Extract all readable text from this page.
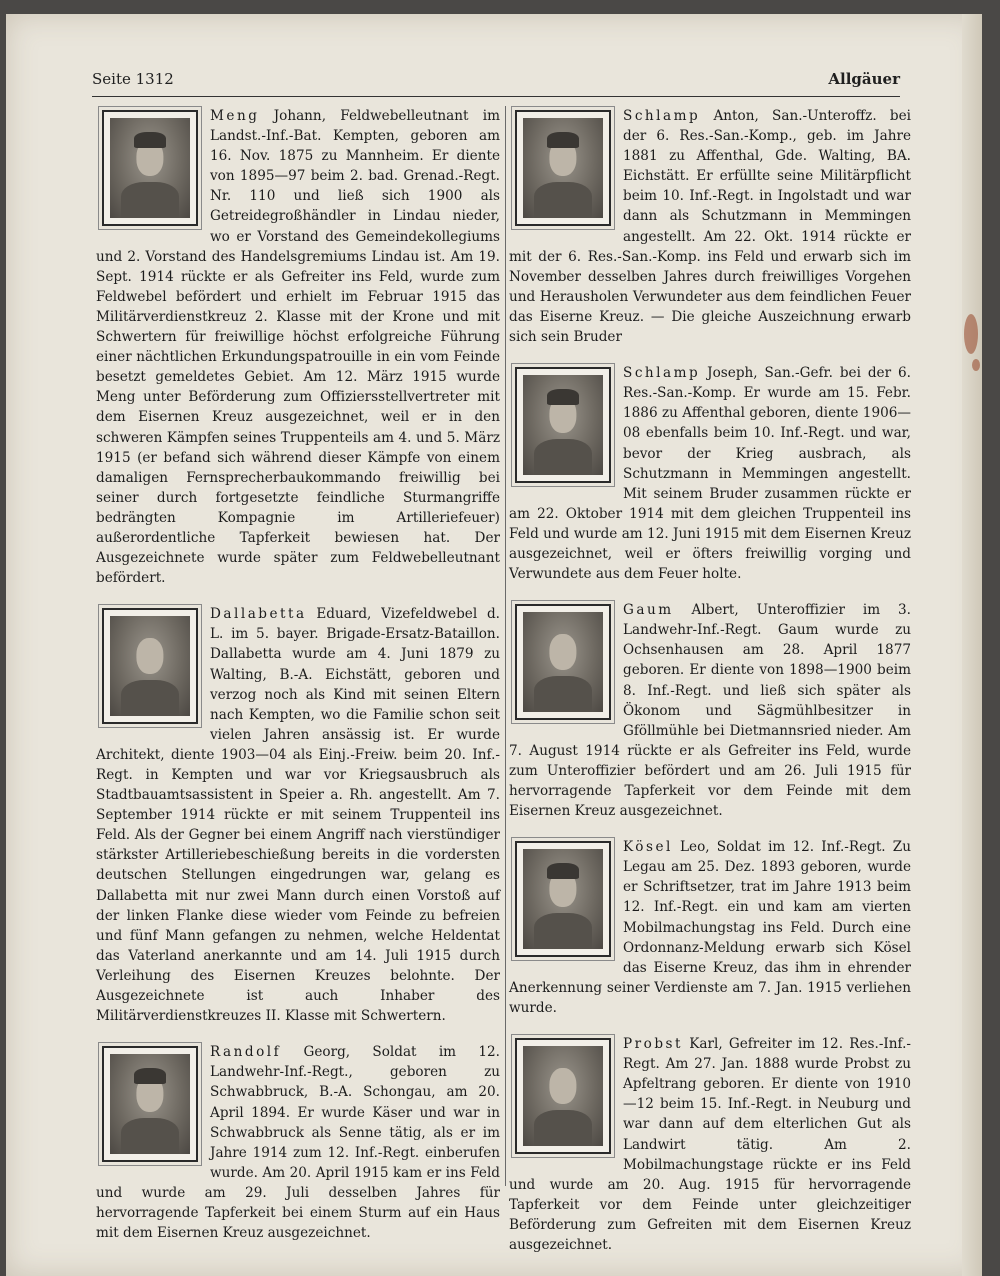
Seite 1312	Allgäuer

Meng Johann, Feldwebelleutnant im Landst.-Inf.-Bat. Kempten, geboren am 16. Nov. 1875 zu Mannheim. Er diente von 1895—97 beim 2. bad. Grenad.-Regt. Nr. 110 und ließ sich 1900 als Getreidegroßhändler in Lindau nieder, wo er Vorstand des Gemeindekollegiums und 2. Vorstand des Handelsgremiums Lindau ist. Am 19. Sept. 1914 rückte er als Gefreiter ins Feld, wurde zum Feldwebel befördert und erhielt im Februar 1915 das Militärverdienstkreuz 2. Klasse mit der Krone und mit Schwertern für freiwillige höchst erfolgreiche Führung einer nächtlichen Erkundungspatrouille in ein vom Feinde besetzt gemeldetes Gebiet. Am 12. März 1915 wurde Meng unter Beförderung zum Offiziersstellvertreter mit dem Eisernen Kreuz ausgezeichnet, weil er in den schweren Kämpfen seines Truppenteils am 4. und 5. März 1915 (er befand sich während dieser Kämpfe von einem damaligen Fernsprecherbaukommando freiwillig bei seiner durch fortgesetzte feindliche Sturmangriffe bedrängten Kompagnie im Artilleriefeuer) außerordentliche Tapferkeit bewiesen hat. Der Ausgezeichnete wurde später zum Feldwebelleutnant befördert.

Dallabetta Eduard, Vizefeldwebel d. L. im 5. bayer. Brigade-Ersatz-Bataillon. Dallabetta wurde am 4. Juni 1879 zu Walting, B.-A. Eichstätt, geboren und verzog noch als Kind mit seinen Eltern nach Kempten, wo die Familie schon seit vielen Jahren ansässig ist. Er wurde Architekt, diente 1903—04 als Einj.-Freiw. beim 20. Inf.-Regt. in Kempten und war vor Kriegsausbruch als Stadtbauamtsassistent in Speier a. Rh. angestellt. Am 7. September 1914 rückte er mit seinem Truppenteil ins Feld. Als der Gegner bei einem Angriff nach vierstündiger stärkster Artilleriebeschießung bereits in die vordersten deutschen Stellungen eingedrungen war, gelang es Dallabetta mit nur zwei Mann durch einen Vorstoß auf der linken Flanke diese wieder vom Feinde zu befreien und fünf Mann gefangen zu nehmen, welche Heldentat das Vaterland anerkannte und am 14. Juli 1915 durch Verleihung des Eisernen Kreuzes belohnte. Der Ausgezeichnete ist auch Inhaber des Militärverdienstkreuzes II. Klasse mit Schwertern.

Randolf Georg, Soldat im 12. Landwehr-Inf.-Regt., geboren zu Schwabbruck, B.-A. Schongau, am 20. April 1894. Er wurde Käser und war in Schwabbruck als Senne tätig, als er im Jahre 1914 zum 12. Inf.-Regt. einberufen wurde. Am 20. April 1915 kam er ins Feld und wurde am 29. Juli desselben Jahres für hervorragende Tapferkeit bei einem Sturm auf ein Haus mit dem Eisernen Kreuz ausgezeichnet.

Schlamp Anton, San.-Unteroffz. bei der 6. Res.-San.-Komp., geb. im Jahre 1881 zu Affenthal, Gde. Walting, BA. Eichstätt. Er erfüllte seine Militärpflicht beim 10. Inf.-Regt. in Ingolstadt und war dann als Schutzmann in Memmingen angestellt. Am 22. Okt. 1914 rückte er mit der 6. Res.-San.-Komp. ins Feld und erwarb sich im November desselben Jahres durch freiwilliges Vorgehen und Herausholen Verwundeter aus dem feindlichen Feuer das Eiserne Kreuz. — Die gleiche Auszeichnung erwarb sich sein Bruder

Schlamp Joseph, San.-Gefr. bei der 6. Res.-San.-Komp. Er wurde am 15. Febr. 1886 zu Affenthal geboren, diente 1906—08 ebenfalls beim 10. Inf.-Regt. und war, bevor der Krieg ausbrach, als Schutzmann in Memmingen angestellt. Mit seinem Bruder zusammen rückte er am 22. Oktober 1914 mit dem gleichen Truppenteil ins Feld und wurde am 12. Juni 1915 mit dem Eisernen Kreuz ausgezeichnet, weil er öfters freiwillig vorging und Verwundete aus dem Feuer holte.

Gaum Albert, Unteroffizier im 3. Landwehr-Inf.-Regt. Gaum wurde zu Ochsenhausen am 28. April 1877 geboren. Er diente von 1898—1900 beim 8. Inf.-Regt. und ließ sich später als Ökonom und Sägmühlbesitzer in Gföllmühle bei Dietmannsried nieder. Am 7. August 1914 rückte er als Gefreiter ins Feld, wurde zum Unteroffizier befördert und am 26. Juli 1915 für hervorragende Tapferkeit vor dem Feinde mit dem Eisernen Kreuz ausgezeichnet.

Kösel Leo, Soldat im 12. Inf.-Regt. Zu Legau am 25. Dez. 1893 geboren, wurde er Schriftsetzer, trat im Jahre 1913 beim 12. Inf.-Regt. ein und kam am vierten Mobilmachungstag ins Feld. Durch eine Ordonnanz-Meldung erwarb sich Kösel das Eiserne Kreuz, das ihm in ehrender Anerkennung seiner Verdienste am 7. Jan. 1915 verliehen wurde.

Probst Karl, Gefreiter im 12. Res.-Inf.-Regt. Am 27. Jan. 1888 wurde Probst zu Apfeltrang geboren. Er diente von 1910—12 beim 15. Inf.-Regt. in Neuburg und war dann auf dem elterlichen Gut als Landwirt tätig. Am 2. Mobilmachungstage rückte er ins Feld und wurde am 20. Aug. 1915 für hervorragende Tapferkeit vor dem Feinde unter gleichzeitiger Beförderung zum Gefreiten mit dem Eisernen Kreuz ausgezeichnet.
